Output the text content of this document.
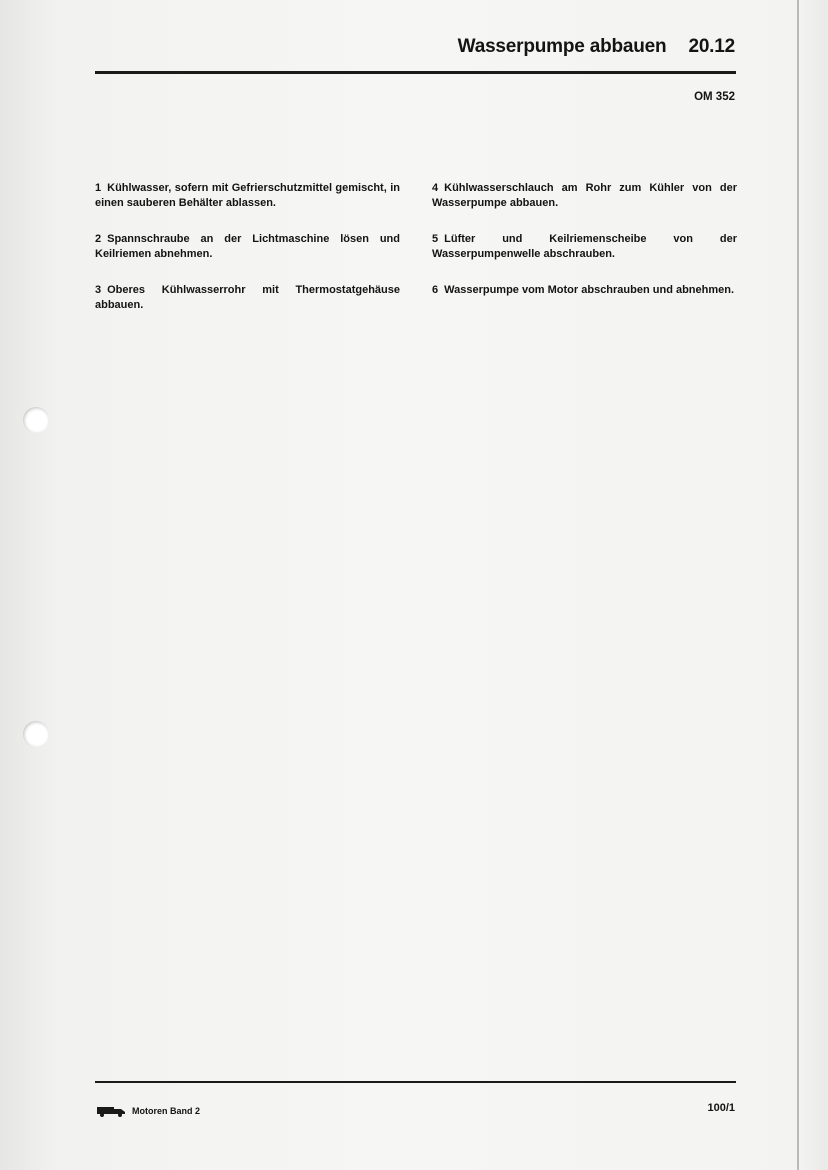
Wasserpumpe abbauen 20.12
OM 352

1 Kühlwasser, sofern mit Gefrierschutzmittel gemischt, in einen sauberen Behälter ablassen.

2 Spannschraube an der Lichtmaschine lösen und Keilriemen abnehmen.

3 Oberes Kühlwasserrohr mit Thermostatgehäuse abbauen.

4 Kühlwasserschlauch am Rohr zum Kühler von der Wasserpumpe abbauen.

5 Lüfter und Keilriemenscheibe von der Wasserpumpenwelle abschrauben.

6 Wasserpumpe vom Motor abschrauben und abnehmen.

Motoren Band 2	100/1
